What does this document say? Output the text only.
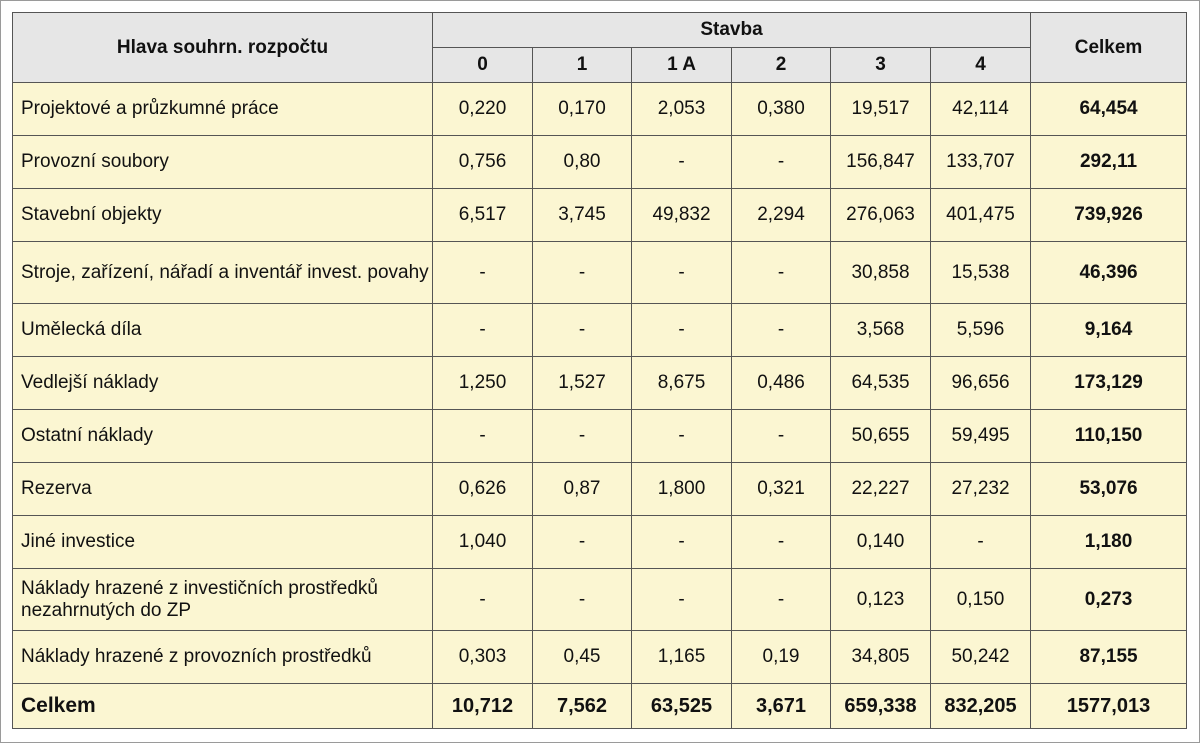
Hlava souhrn. rozpočtu	Stavba						Celkem
	0	1	1 A	2	3	4	
Projektové a průzkumné práce	0,220	0,170	2,053	0,380	19,517	42,114	64,454
Provozní soubory	0,756	0,80	-	-	156,847	133,707	292,11
Stavební objekty	6,517	3,745	49,832	2,294	276,063	401,475	739,926
Stroje, zařízení, nářadí a inventář invest. povahy	-	-	-	-	30,858	15,538	46,396
Umělecká díla	-	-	-	-	3,568	5,596	9,164
Vedlejší náklady	1,250	1,527	8,675	0,486	64,535	96,656	173,129
Ostatní náklady	-	-	-	-	50,655	59,495	110,150
Rezerva	0,626	0,87	1,800	0,321	22,227	27,232	53,076
Jiné investice	1,040	-	-	-	0,140	-	1,180
Náklady hrazené z investičních prostředků nezahrnutých do ZP	-	-	-	-	0,123	0,150	0,273
Náklady hrazené z provozních prostředků	0,303	0,45	1,165	0,19	34,805	50,242	87,155
Celkem	10,712	7,562	63,525	3,671	659,338	832,205	1577,013
